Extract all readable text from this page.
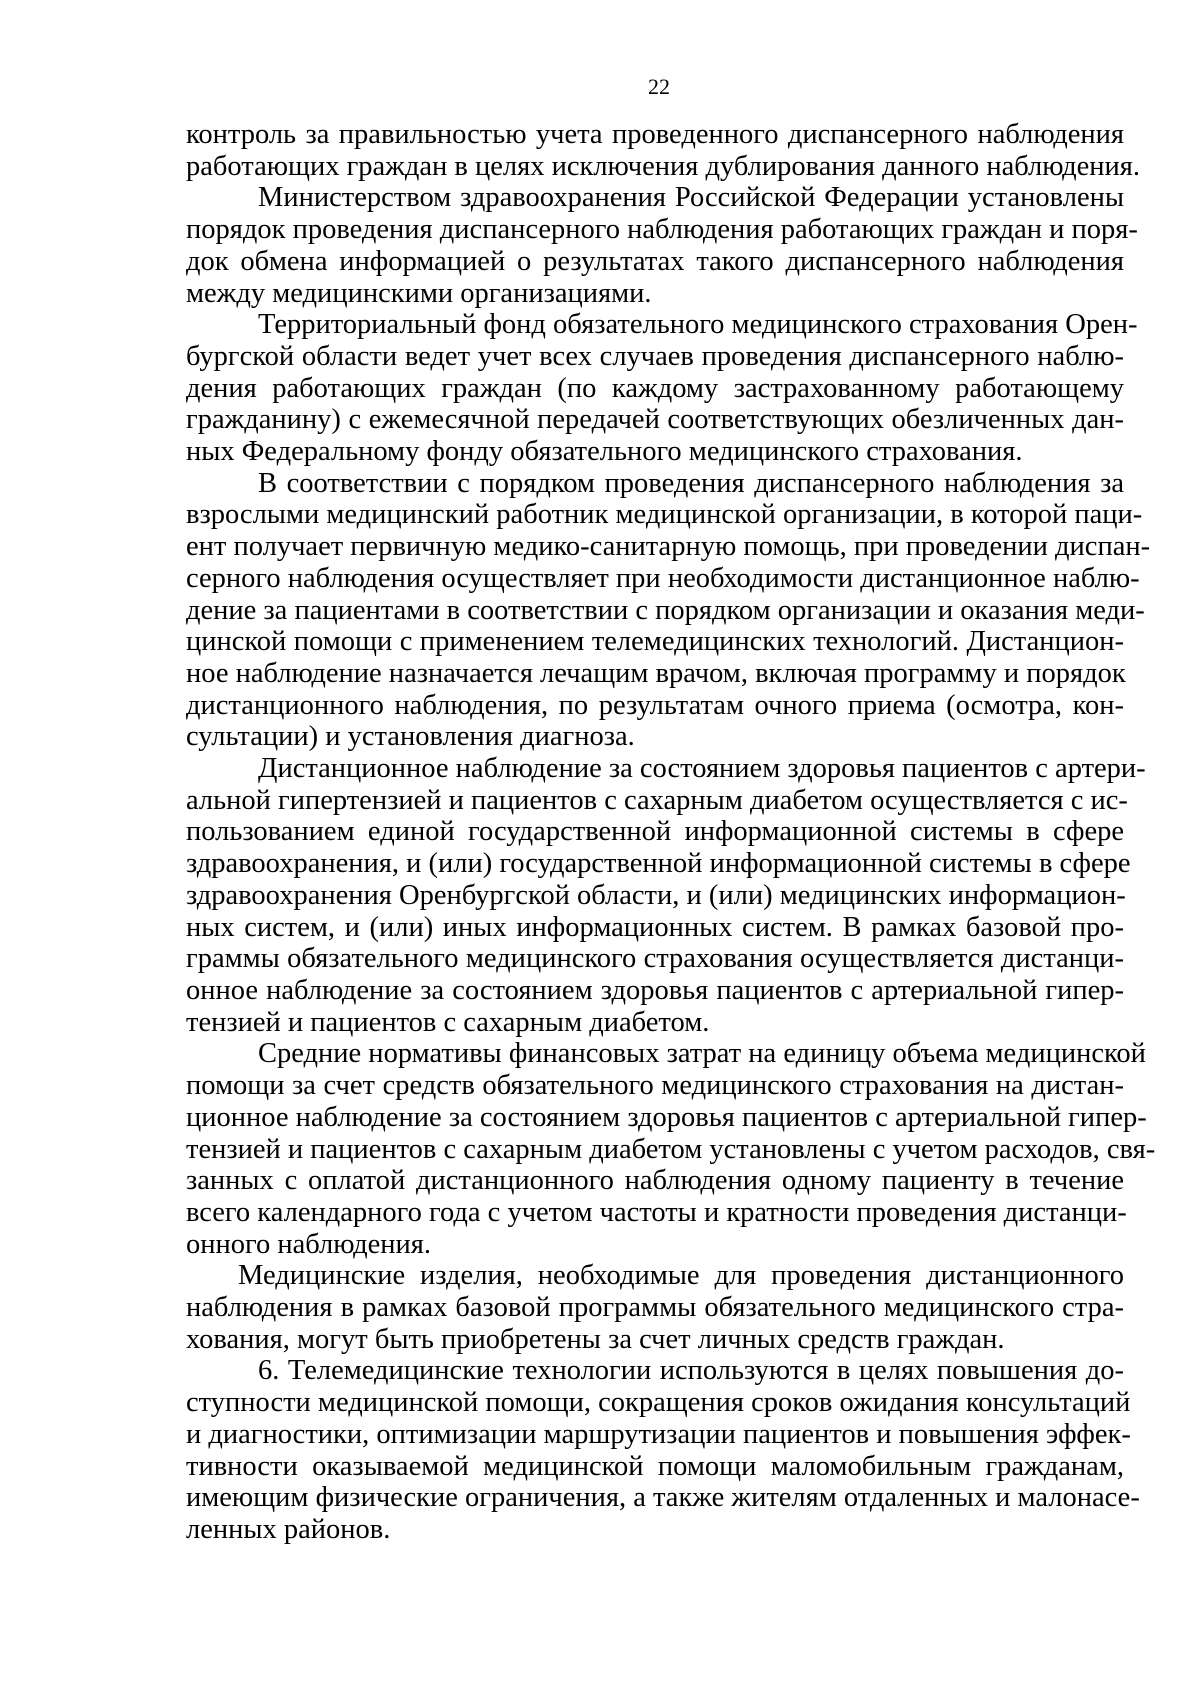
22
контроль за правильностью учета проведенного диспансерного наблюдения
работающих граждан в целях исключения дублирования данного наблюдения.
Министерством здравоохранения Российской Федерации установлены
порядок проведения диспансерного наблюдения работающих граждан и поря-
док обмена информацией о результатах такого диспансерного наблюдения
между медицинскими организациями.
Территориальный фонд обязательного медицинского страхования Орен-
бургской области ведет учет всех случаев проведения диспансерного наблю-
дения работающих граждан (по каждому застрахованному работающему
гражданину) с ежемесячной передачей соответствующих обезличенных дан-
ных Федеральному фонду обязательного медицинского страхования.
В соответствии с порядком проведения диспансерного наблюдения за
взрослыми медицинский работник медицинской организации, в которой паци-
ент получает первичную медико-санитарную помощь, при проведении диспан-
серного наблюдения осуществляет при необходимости дистанционное наблю-
дение за пациентами в соответствии с порядком организации и оказания меди-
цинской помощи с применением телемедицинских технологий. Дистанцион-
ное наблюдение назначается лечащим врачом, включая программу и порядок
дистанционного наблюдения, по результатам очного приема (осмотра, кон-
сультации) и установления диагноза.
Дистанционное наблюдение за состоянием здоровья пациентов с артери-
альной гипертензией и пациентов с сахарным диабетом осуществляется с ис-
пользованием единой государственной информационной системы в сфере
здравоохранения, и (или) государственной информационной системы в сфере
здравоохранения Оренбургской области, и (или) медицинских информацион-
ных систем, и (или) иных информационных систем. В рамках базовой про-
граммы обязательного медицинского страхования осуществляется дистанци-
онное наблюдение за состоянием здоровья пациентов с артериальной гипер-
тензией и пациентов с сахарным диабетом.
Средние нормативы финансовых затрат на единицу объема медицинской
помощи за счет средств обязательного медицинского страхования на дистан-
ционное наблюдение за состоянием здоровья пациентов с артериальной гипер-
тензией и пациентов с сахарным диабетом установлены с учетом расходов, свя-
занных с оплатой дистанционного наблюдения одному пациенту в течение
всего календарного года с учетом частоты и кратности проведения дистанци-
онного наблюдения.
Медицинские изделия, необходимые для проведения дистанционного
наблюдения в рамках базовой программы обязательного медицинского стра-
хования, могут быть приобретены за счет личных средств граждан.
6. Телемедицинские технологии используются в целях повышения до-
ступности медицинской помощи, сокращения сроков ожидания консультаций
и диагностики, оптимизации маршрутизации пациентов и повышения эффек-
тивности оказываемой медицинской помощи маломобильным гражданам,
имеющим физические ограничения, а также жителям отдаленных и малонасе-
ленных районов.
